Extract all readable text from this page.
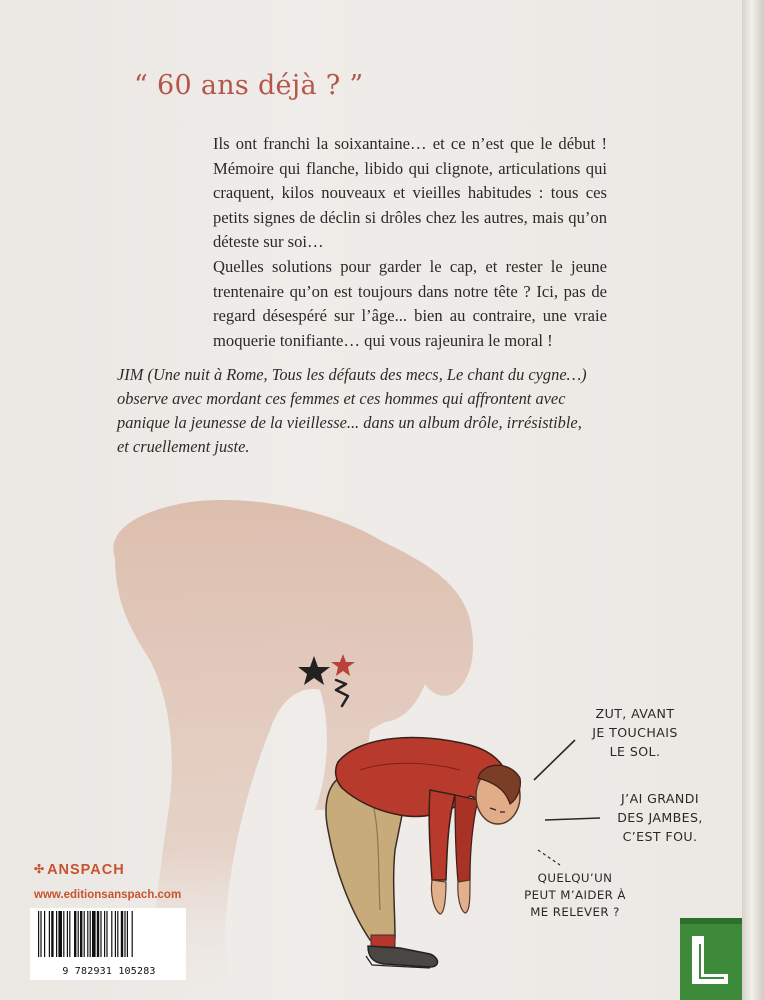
“ 60 ans déjà ? ”

Ils ont franchi la soixantaine… et ce n’est que le début ! Mémoire qui flanche, libido qui clignote, articulations qui craquent, kilos nouveaux et vieilles habitudes : tous ces petits signes de déclin si drôles chez les autres, mais qu’on déteste sur soi…

Quelles solutions pour garder le cap, et rester le jeune trentenaire qu’on est toujours dans notre tête ? Ici, pas de regard désespéré sur l’âge... bien au contraire, une vraie moquerie tonifiante… qui vous rajeunira le moral !

JIM (Une nuit à Rome, Tous les défauts des mecs, Le chant du cygne…)

observe avec mordant ces femmes et ces hommes qui affrontent avec

panique la jeunesse de la vieillesse... dans un album drôle, irrésistible,

et cruellement juste.

ZUT, AVANT

JE TOUCHAIS

LE SOL.

J’AI GRANDI

DES JAMBES,

C’EST FOU.

QUELQU’UN

PEUT M’AIDER À

ME RELEVER ?

✣ ANSPACH
www.editionsanspach.com
9 782931 105283
